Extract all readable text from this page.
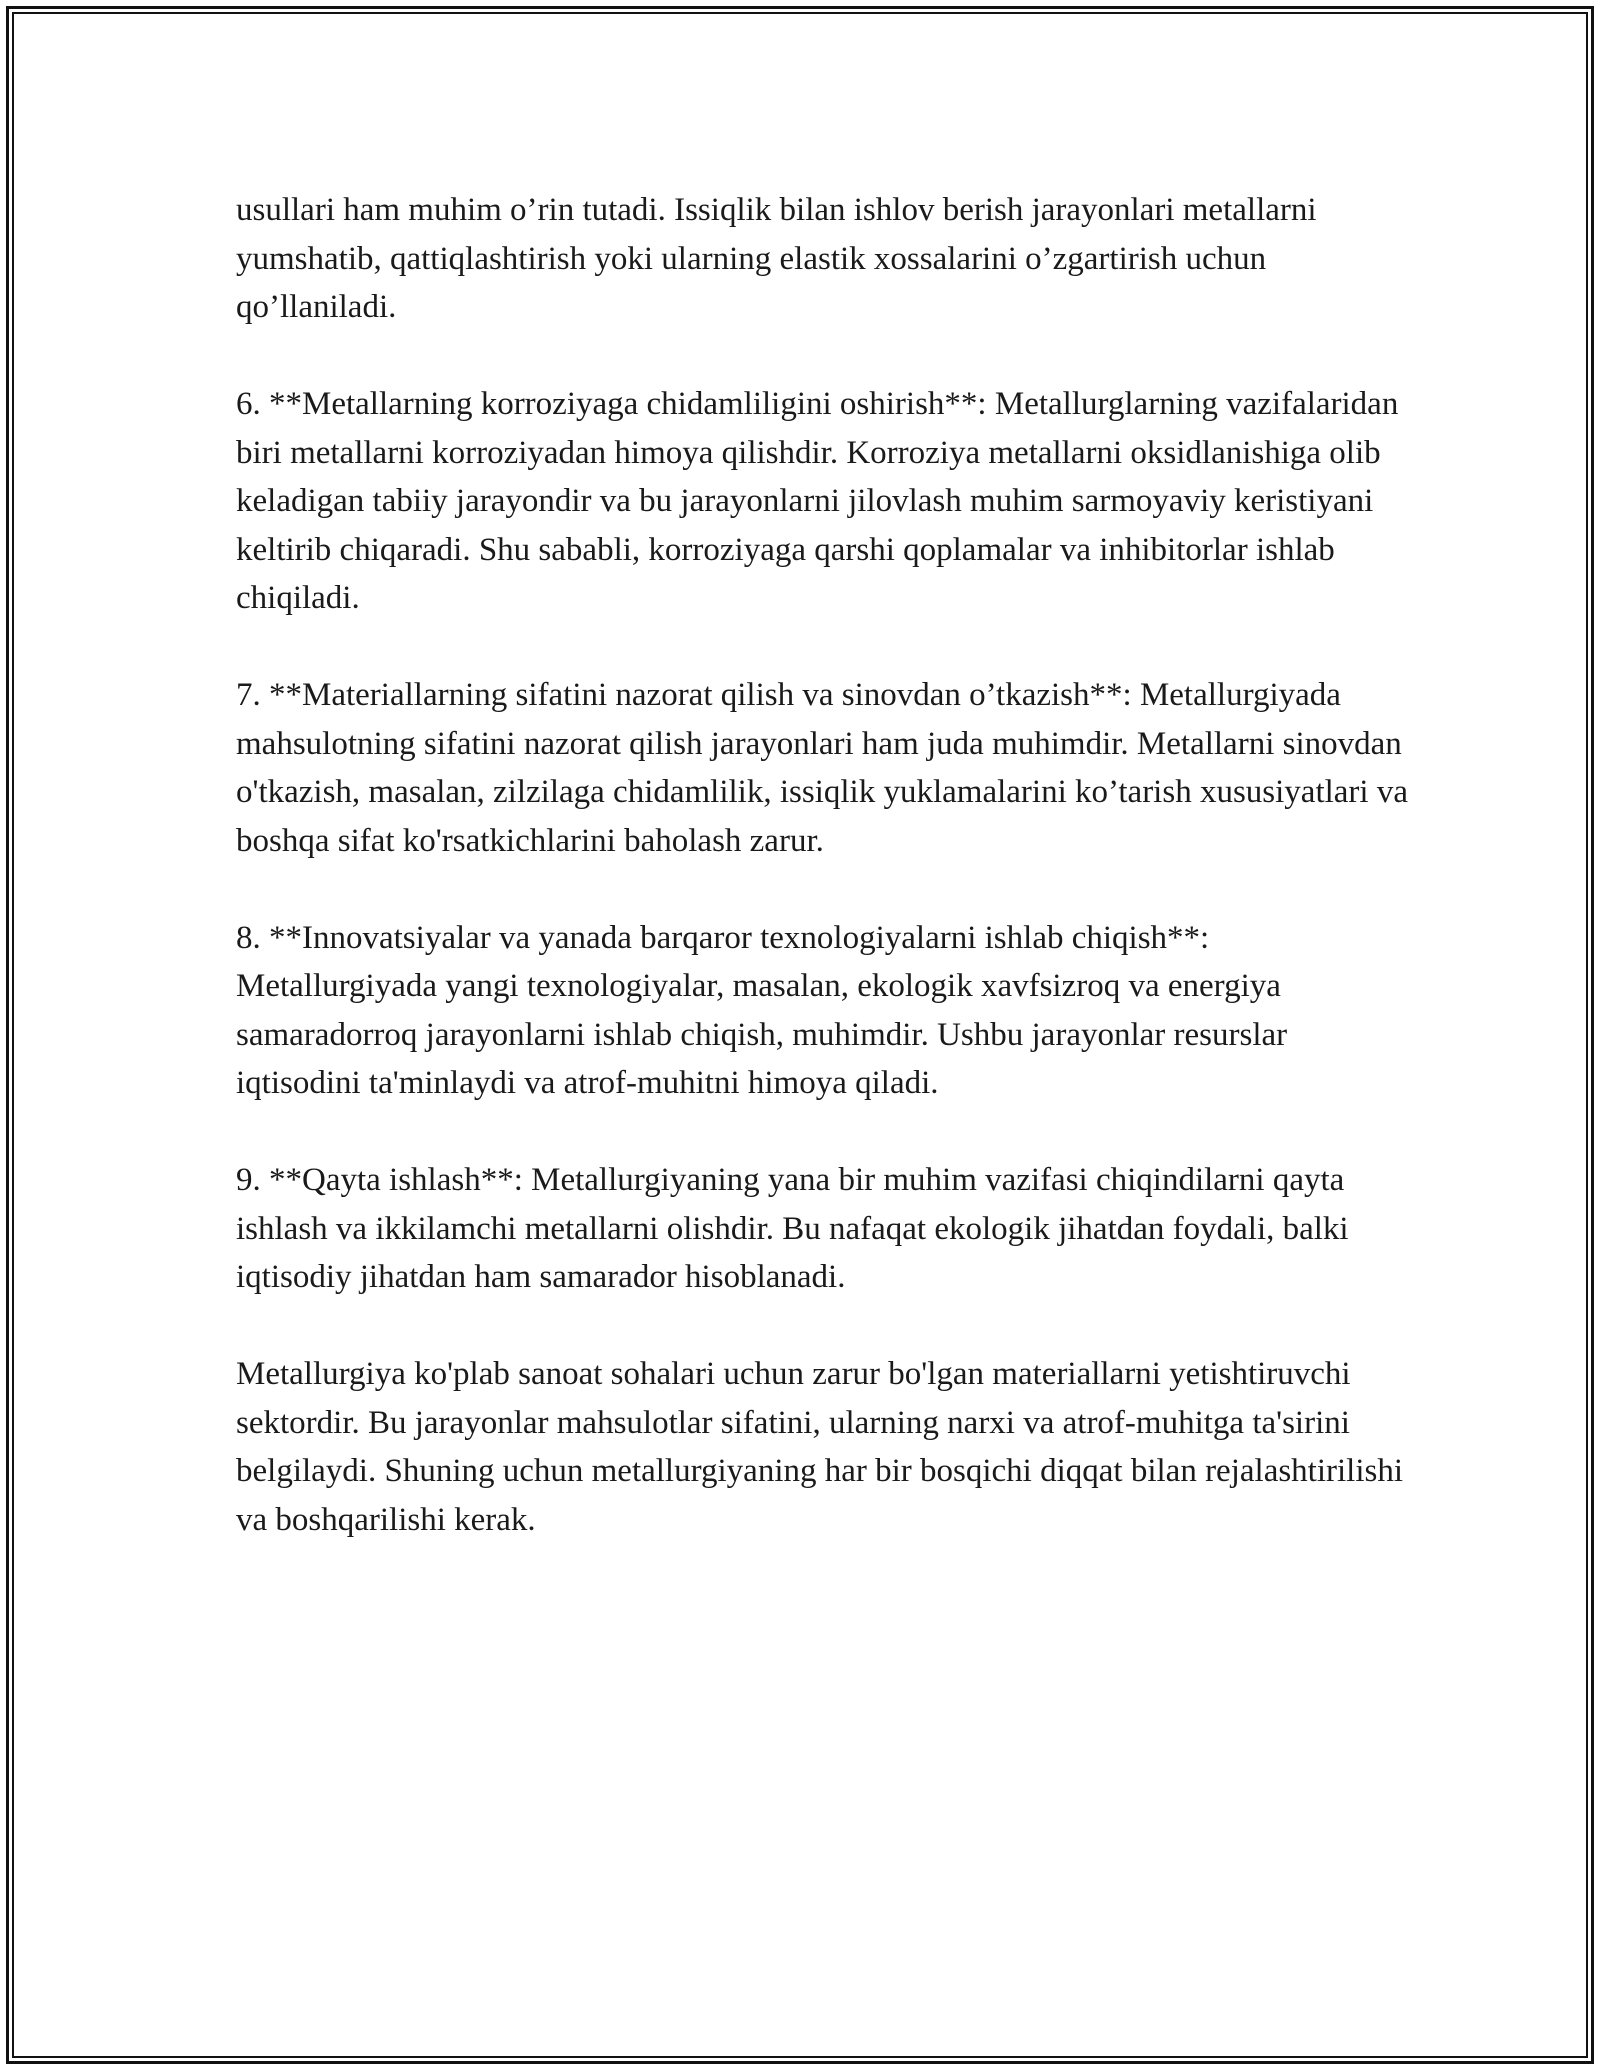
usullari ham muhim o’rin tutadi. Issiqlik bilan ishlov berish jarayonlari metallarni yumshatib, qattiqlashtirish yoki ularning elastik xossalarini o’zgartirish uchun qo’llaniladi.

6. **Metallarning korroziyaga chidamliligini oshirish**: Metallurglarning vazifalaridan biri metallarni korroziyadan himoya qilishdir. Korroziya metallarni oksidlanishiga olib keladigan tabiiy jarayondir va bu jarayonlarni jilovlash muhim sarmoyaviy keristiyani keltirib chiqaradi. Shu sababli, korroziyaga qarshi qoplamalar va inhibitorlar ishlab chiqiladi.

7. **Materiallarning sifatini nazorat qilish va sinovdan o’tkazish**: Metallurgiyada mahsulotning sifatini nazorat qilish jarayonlari ham juda muhimdir. Metallarni sinovdan o'tkazish, masalan, zilzilaga chidamlilik, issiqlik yuklamalarini ko’tarish xususiyatlari va boshqa sifat ko'rsatkichlarini baholash zarur.

8. **Innovatsiyalar va yanada barqaror texnologiyalarni ishlab chiqish**: Metallurgiyada yangi texnologiyalar, masalan, ekologik xavfsizroq va energiya samaradorroq jarayonlarni ishlab chiqish, muhimdir. Ushbu jarayonlar resurslar iqtisodini ta'minlaydi va atrof-muhitni himoya qiladi.

9. **Qayta ishlash**: Metallurgiyaning yana bir muhim vazifasi chiqindilarni qayta ishlash va ikkilamchi metallarni olishdir. Bu nafaqat ekologik jihatdan foydali, balki iqtisodiy jihatdan ham samarador hisoblanadi.

Metallurgiya ko'plab sanoat sohalari uchun zarur bo'lgan materiallarni yetishtiruvchi sektordir. Bu jarayonlar mahsulotlar sifatini, ularning narxi va atrof-muhitga ta'sirini belgilaydi. Shuning uchun metallurgiyaning har bir bosqichi diqqat bilan rejalashtirilishi va boshqarilishi kerak.
